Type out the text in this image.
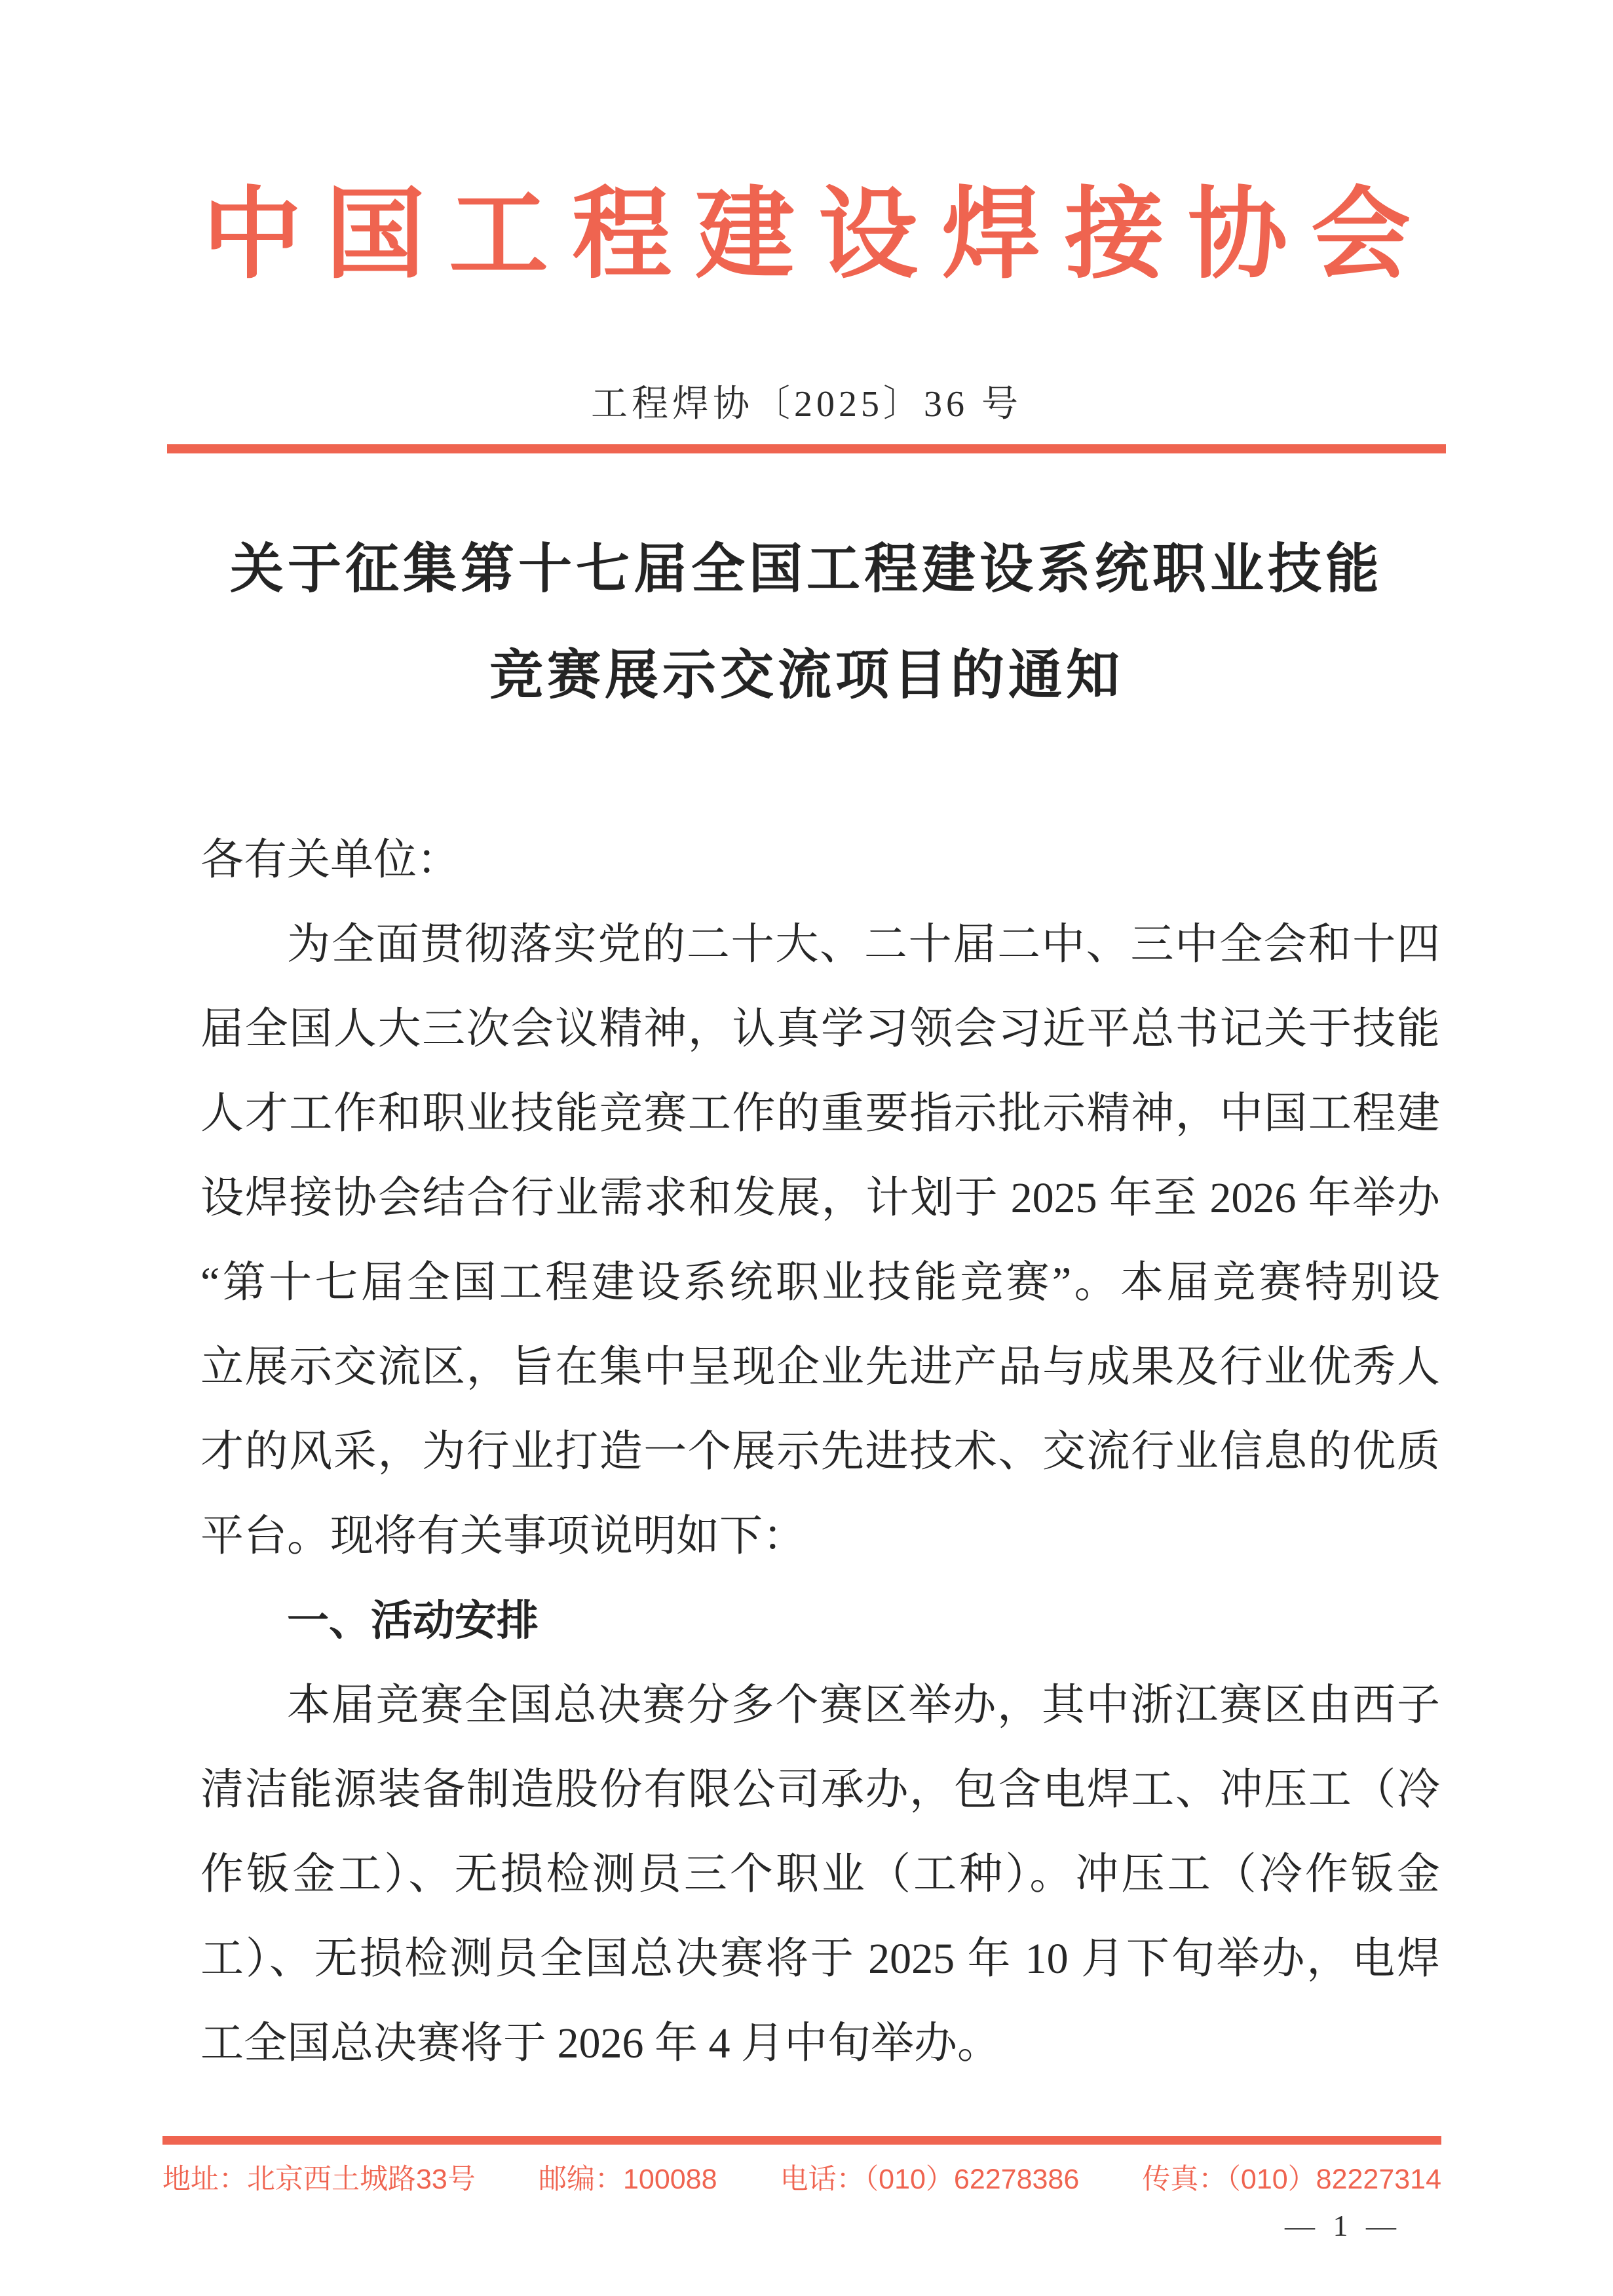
中国工程建设焊接协会
工程焊协〔2025〕36 号
关于征集第十七届全国工程建设系统职业技能
竞赛展示交流项目的通知
各有关单位：
为全面贯彻落实党的二十大、二十届二中、三中全会和十四
届全国人大三次会议精神，认真学习领会习近平总书记关于技能
人才工作和职业技能竞赛工作的重要指示批示精神，中国工程建
设焊接协会结合行业需求和发展，计划于 2025 年至 2026 年举办
“第十七届全国工程建设系统职业技能竞赛”。本届竞赛特别设
立展示交流区，旨在集中呈现企业先进产品与成果及行业优秀人
才的风采，为行业打造一个展示先进技术、交流行业信息的优质
平台。现将有关事项说明如下：
一、活动安排
本届竞赛全国总决赛分多个赛区举办，其中浙江赛区由西子
清洁能源装备制造股份有限公司承办，包含电焊工、冲压工（冷
作钣金工）、无损检测员三个职业（工种）。冲压工（冷作钣金
工）、无损检测员全国总决赛将于 2025 年 10 月下旬举办，电焊
工全国总决赛将于 2026 年 4 月中旬举办。
地址：北京西土城路33号 邮编：100088 电话：（010）62278386 传真：（010）82227314
— 1 —
